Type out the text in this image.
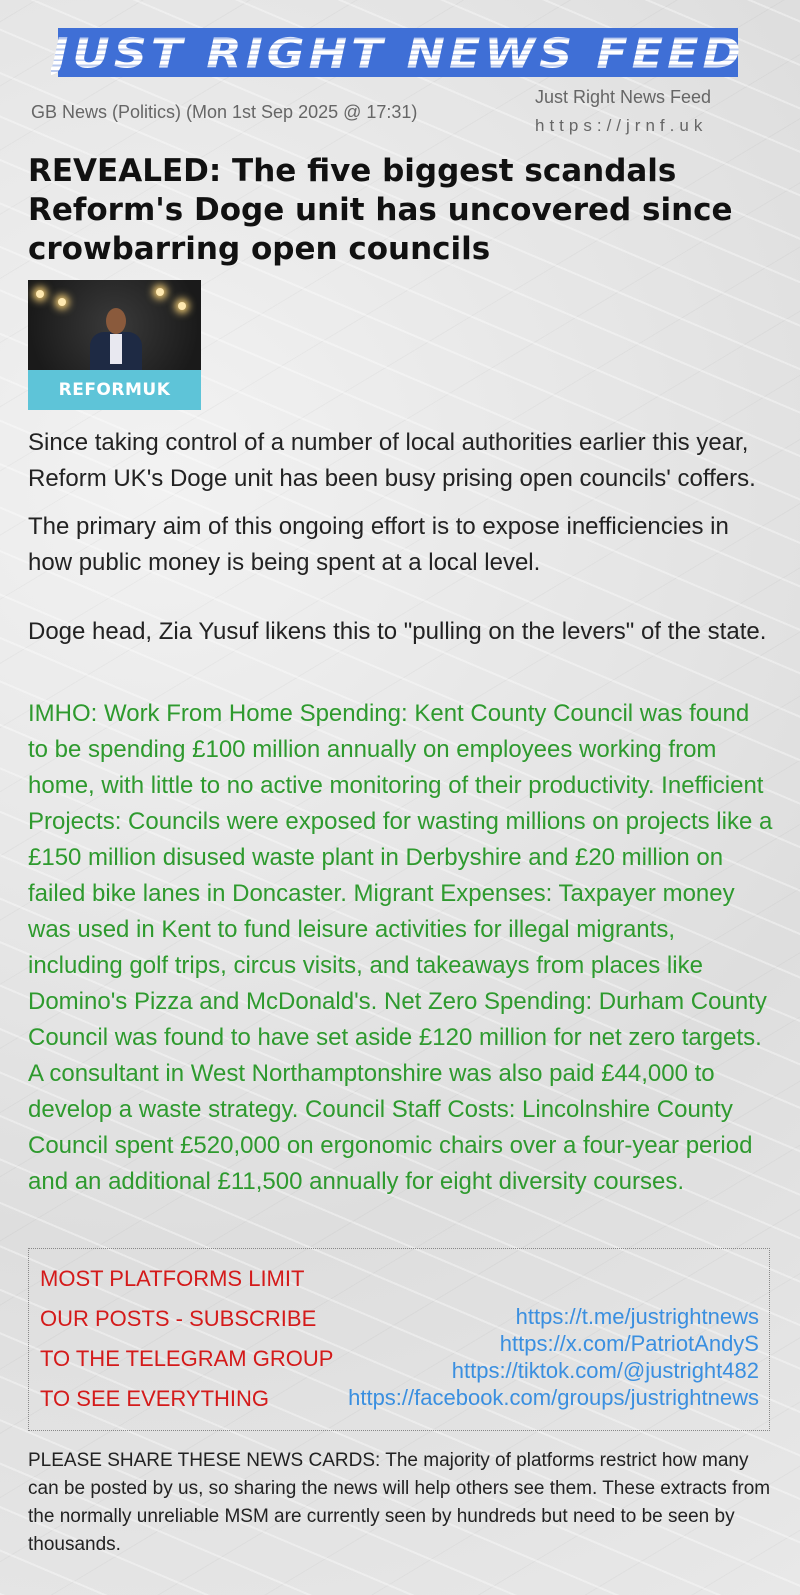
JUST RIGHT NEWS FEED
GB News (Politics) (Mon 1st Sep 2025 @ 17:31)
Just Right News Feed
https://jrnf.uk
REVEALED: The five biggest scandals Reform's Doge unit has uncovered since crowbarring open councils
REFORMUK

Since taking control of a number of local authorities earlier this year, Reform UK's Doge unit has been busy prising open councils' coffers.

The primary aim of this ongoing effort is to expose inefficiencies in how public money is being spent at a local level.

Doge head, Zia Yusuf likens this to "pulling on the levers" of the state.

IMHO: Work From Home Spending: Kent County Council was found to be spending £100 million annually on employees working from home, with little to no active monitoring of their productivity. Inefficient Projects: Councils were exposed for wasting millions on projects like a £150 million disused waste plant in Derbyshire and £20 million on failed bike lanes in Doncaster. Migrant Expenses: Taxpayer money was used in Kent to fund leisure activities for illegal migrants, including golf trips, circus visits, and takeaways from places like Domino's Pizza and McDonald's. Net Zero Spending: Durham County Council was found to have set aside £120 million for net zero targets. A consultant in West Northamptonshire was also paid £44,000 to develop a waste strategy. Council Staff Costs: Lincolnshire County Council spent £520,000 on ergonomic chairs over a four-year period and an additional £11,500 annually for eight diversity courses.

MOST PLATFORMS LIMIT
OUR POSTS - SUBSCRIBE
TO THE TELEGRAM GROUP
TO SEE EVERYTHING
https://t.me/justrightnews
https://x.com/PatriotAndyS
https://tiktok.com/@justright482
https://facebook.com/groups/justrightnews

PLEASE SHARE THESE NEWS CARDS: The majority of platforms restrict how many can be posted by us, so sharing the news will help others see them. These extracts from the normally unreliable MSM are currently seen by hundreds but need to be seen by thousands.
